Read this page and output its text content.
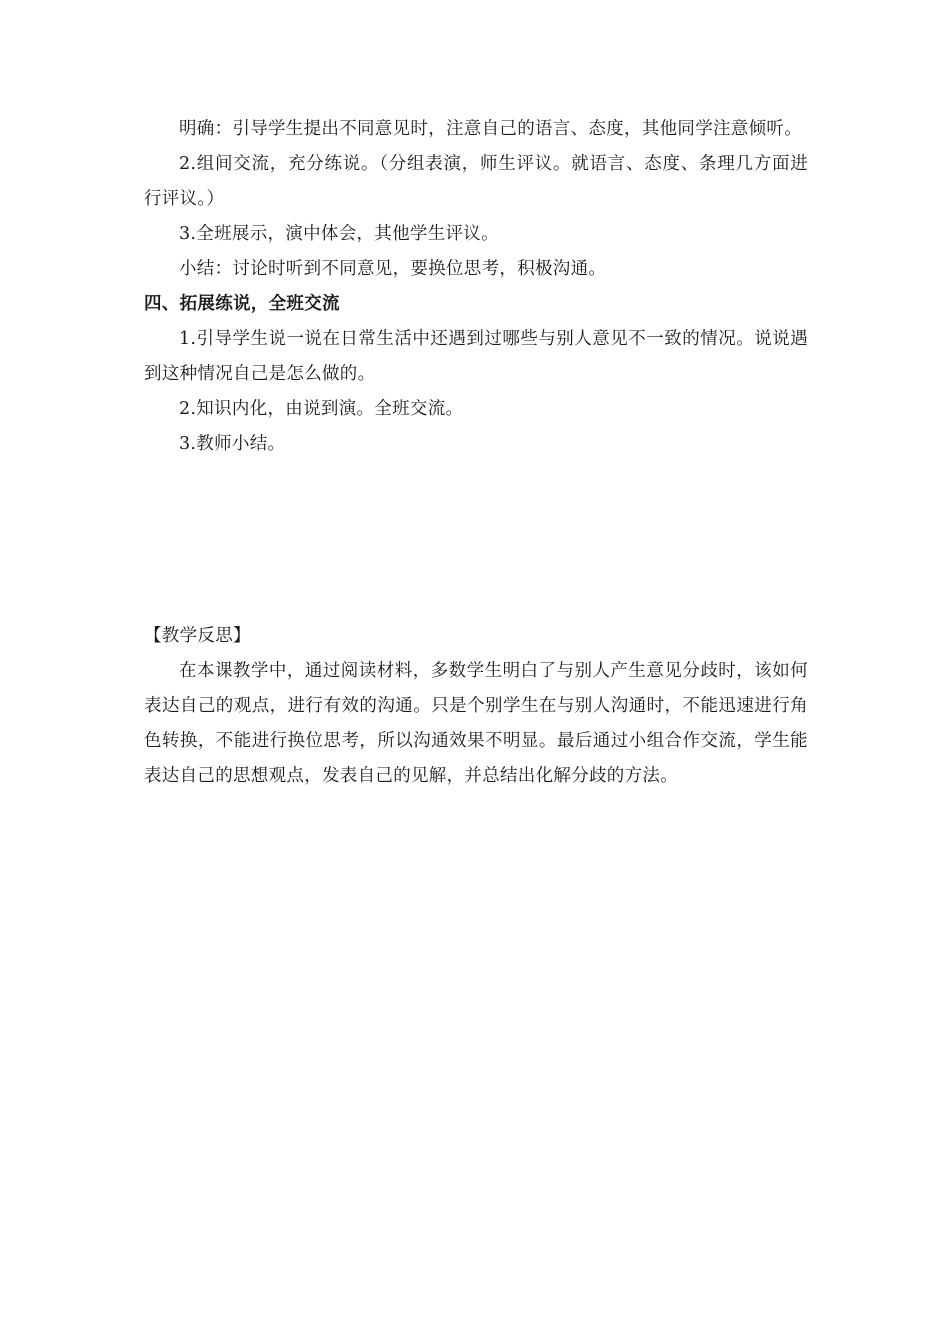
明确：引导学生提出不同意见时，注意自己的语言、态度，其他同学注意倾听。

2.组间交流，充分练说。（分组表演，师生评议。就语言、态度、条理几方面进行评议。）

3.全班展示，演中体会，其他学生评议。

小结：讨论时听到不同意见，要换位思考，积极沟通。

四、拓展练说，全班交流

1.引导学生说一说在日常生活中还遇到过哪些与别人意见不一致的情况。说说遇到这种情况自己是怎么做的。

2.知识内化，由说到演。全班交流。

3.教师小结。

【教学反思】

在本课教学中，通过阅读材料，多数学生明白了与别人产生意见分歧时，该如何表达自己的观点，进行有效的沟通。只是个别学生在与别人沟通时，不能迅速进行角色转换，不能进行换位思考，所以沟通效果不明显。最后通过小组合作交流，学生能表达自己的思想观点，发表自己的见解，并总结出化解分歧的方法。
